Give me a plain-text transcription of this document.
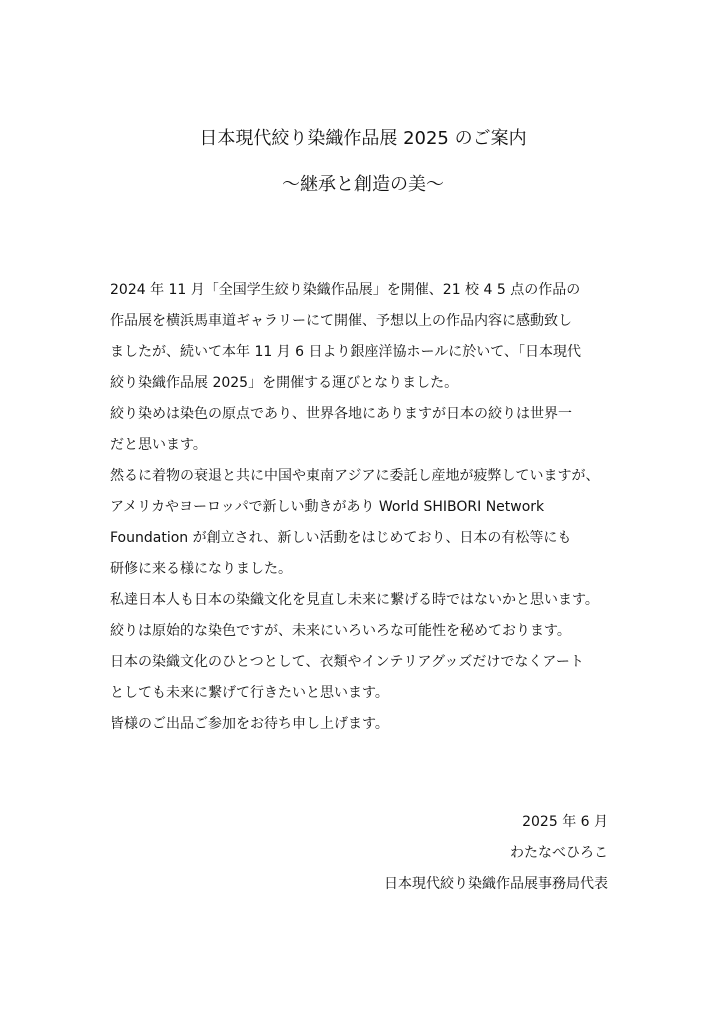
日本現代絞り染織作品展 2025 のご案内
〜継承と創造の美〜
2024 年 11 月「全国学生絞り染織作品展」を開催、21 校 4 5 点の作品の
作品展を横浜馬車道ギャラリーにて開催、予想以上の作品内容に感動致し
ましたが、続いて本年 11 月 6 日より銀座洋協ホールに於いて、「日本現代
絞り染織作品展 2025」を開催する運びとなりました。
絞り染めは染色の原点であり、世界各地にありますが日本の絞りは世界一
だと思います。
然るに着物の衰退と共に中国や東南アジアに委託し産地が疲弊していますが、
アメリカやヨーロッパで新しい動きがあり World SHIBORI Network
Foundation が創立され、新しい活動をはじめており、日本の有松等にも
研修に来る様になりました。
私達日本人も日本の染織文化を見直し未来に繋げる時ではないかと思います。
絞りは原始的な染色ですが、未来にいろいろな可能性を秘めております。
日本の染織文化のひとつとして、衣類やインテリアグッズだけでなくアート
としても未来に繋げて行きたいと思います。
皆様のご出品ご参加をお待ち申し上げます。
2025 年 6 月
わたなべひろこ
日本現代絞り染織作品展事務局代表
